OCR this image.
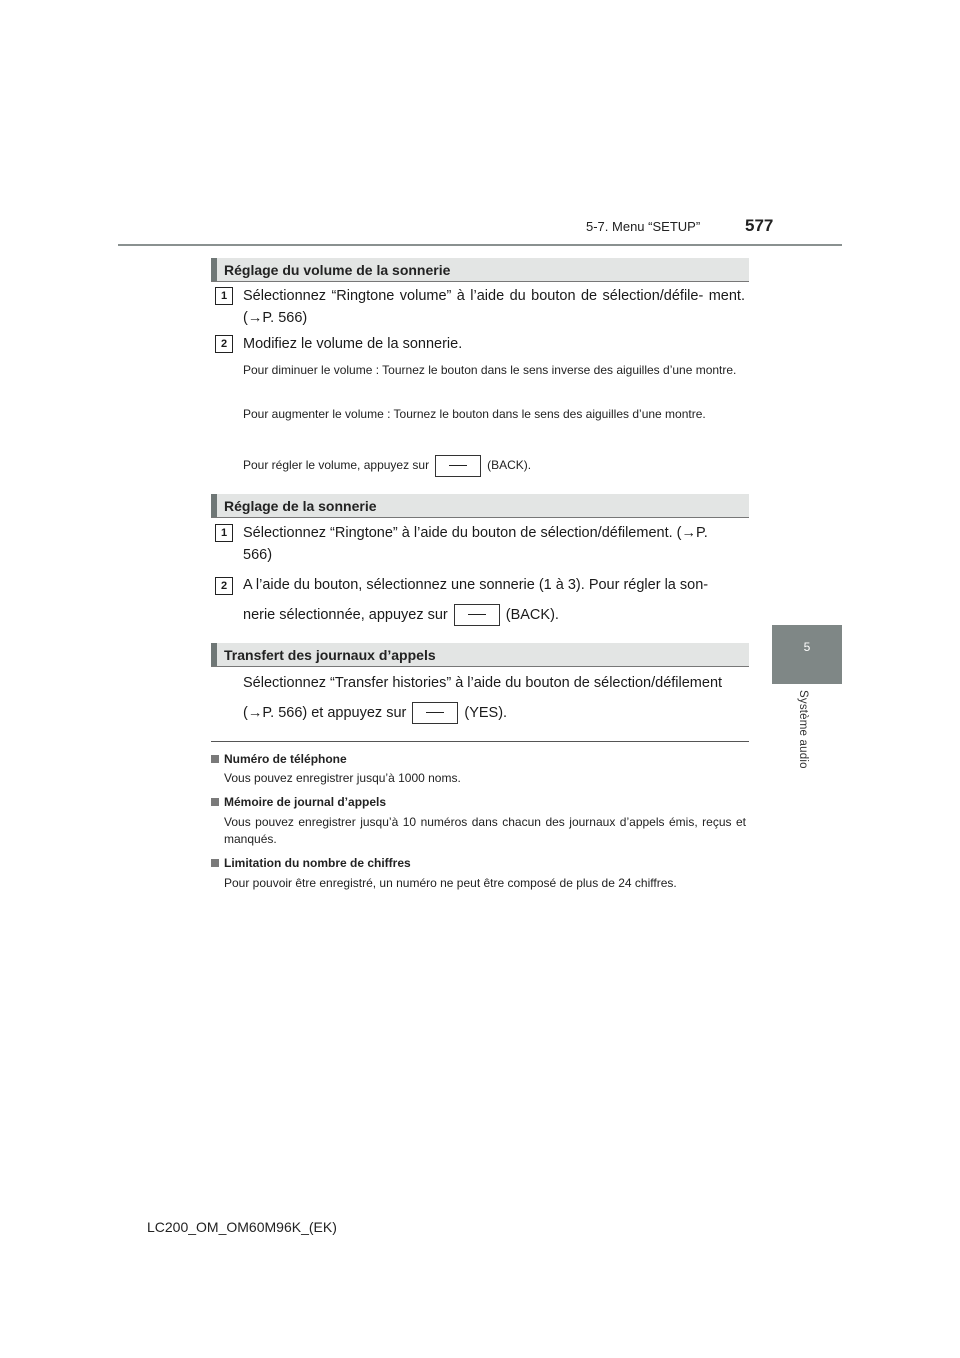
5-7. Menu “SETUP”	577
5
Système audio
Réglage du volume de la sonnerie
1	Sélectionnez “Ringtone volume” à l’aide du bouton de sélection/défile- ment. (→P. 566)
2	Modifiez le volume de la sonnerie.
Pour diminuer le volume : Tournez le bouton dans le sens inverse des aiguilles d’une montre.
Pour augmenter le volume : Tournez le bouton dans le sens des aiguilles d’une montre.
Pour régler le volume, appuyez sur	(BACK).
Réglage de la sonnerie
1	Sélectionnez “Ringtone” à l’aide du bouton de sélection/défilement. (→P. 566)
2	A l’aide du bouton, sélectionnez une sonnerie (1 à 3). Pour régler la son-
nerie sélectionnée, appuyez sur	(BACK).
Transfert des journaux d’appels
Sélectionnez “Transfer histories” à l’aide du bouton de sélection/défilement
(→P. 566) et appuyez sur	(YES).
Numéro de téléphone
Vous pouvez enregistrer jusqu’à 1000 noms.
Mémoire de journal d’appels
Vous pouvez enregistrer jusqu’à 10 numéros dans chacun des journaux d’appels émis, reçus et manqués.
Limitation du nombre de chiffres
Pour pouvoir être enregistré, un numéro ne peut être composé de plus de 24 chiffres.
LC200_OM_OM60M96K_(EK)
